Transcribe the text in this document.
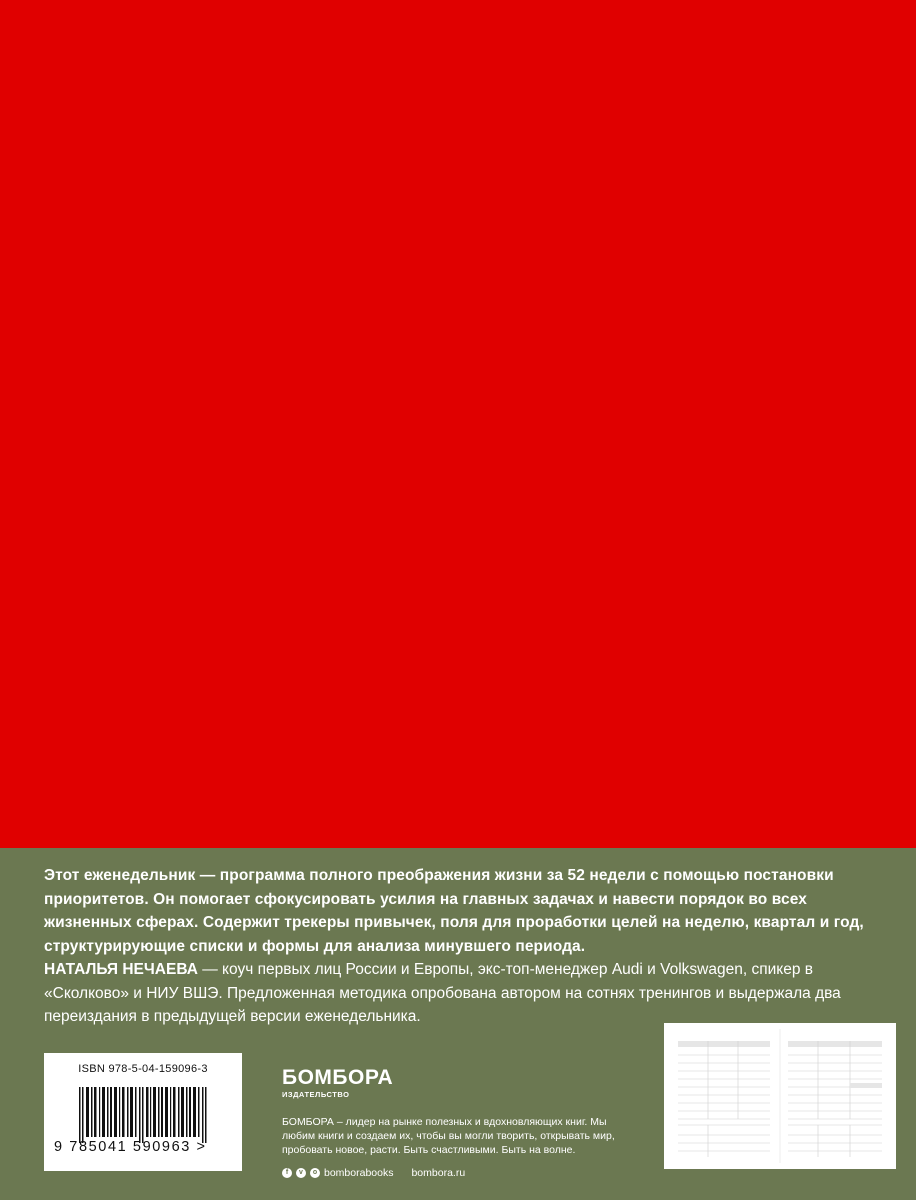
Этот еженедельник — программа полного преображения жизни за 52 недели с помощью постановки приоритетов. Он помогает сфокусировать усилия на главных задачах и навести порядок во всех жизненных сферах. Содержит трекеры привычек, поля для проработки целей на неделю, квартал и год, структурирующие списки и формы для анализа минувшего периода.

НАТАЛЬЯ НЕЧАЕВА — коуч первых лиц России и Европы, экс-топ-менеджер Audi и Volkswagen, спикер в «Сколково» и НИУ ВШЭ. Предложенная методика опробована автором на сотнях тренингов и выдержала два переиздания в предыдущей версии еженедельника.

ISBN 978-5-04-159096-3
9 785041 590963 >
БОМБОРА
ИЗДАТЕЛЬСТВО
БОМБОРА – лидер на рынке полезных и вдохновляющих книг. Мы любим книги и создаем их, чтобы вы могли творить, открывать мир, пробовать новое, расти. Быть счастливыми. Быть на волне.
f	v	o bomborabooks bombora.ru
